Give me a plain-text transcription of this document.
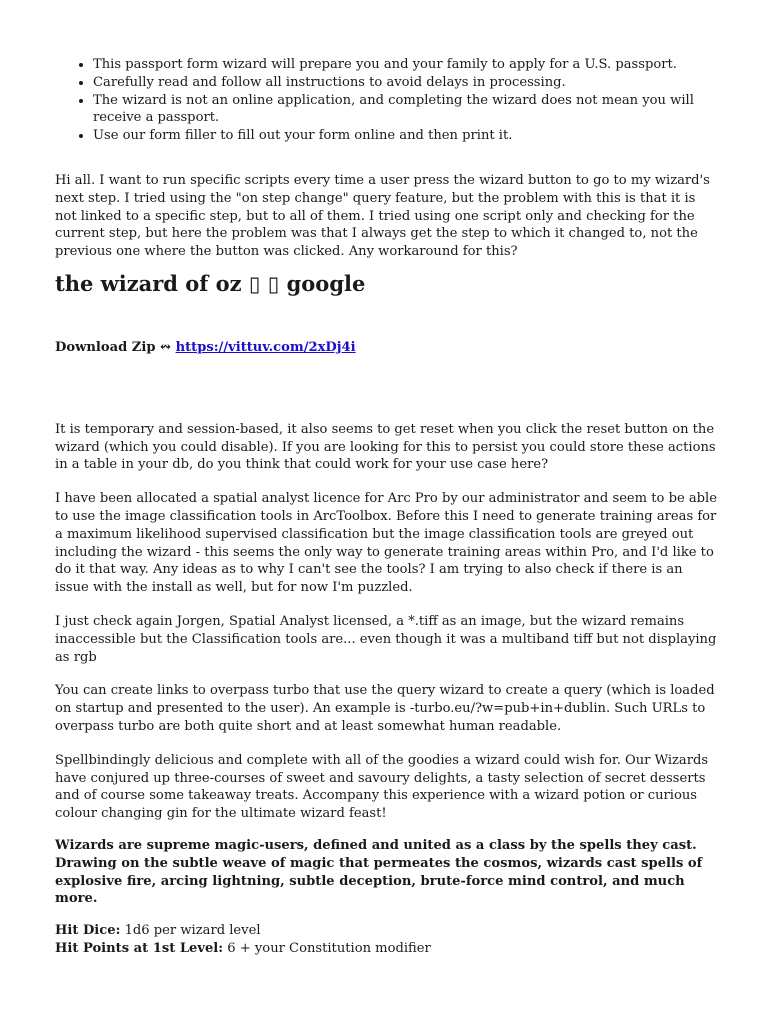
• This passport form wizard will prepare you and your family to apply for a U.S. passport.
• Carefully read and follow all instructions to avoid delays in processing.
• The wizard is not an online application, and completing the wizard does not mean you will receive a passport.
• Use our form filler to fill out your form online and then print it.

Hi all. I want to run specific scripts every time a user press the wizard button to go to my wizard's next step. I tried using the "on step change" query feature, but the problem with this is that it is not linked to a specific step, but to all of them. I tried using one script only and checking for the current step, but here the problem was that I always get the step to which it changed to, not the previous one where the button was clicked. Any workaround for this?

the wizard of oz ▯ ▯ google

Download Zip ↭ https://vittuv.com/2xDj4i

It is temporary and session-based, it also seems to get reset when you click the reset button on the wizard (which you could disable). If you are looking for this to persist you could store these actions in a table in your db, do you think that could work for your use case here?

I have been allocated a spatial analyst licence for Arc Pro by our administrator and seem to be able to use the image classification tools in ArcToolbox. Before this I need to generate training areas for a maximum likelihood supervised classification but the image classification tools are greyed out including the wizard - this seems the only way to generate training areas within Pro, and I'd like to do it that way. Any ideas as to why I can't see the tools? I am trying to also check if there is an issue with the install as well, but for now I'm puzzled.

I just check again Jorgen, Spatial Analyst licensed, a *.tiff as an image, but the wizard remains inaccessible but the Classification tools are... even though it was a multiband tiff but not displaying as rgb

You can create links to overpass turbo that use the query wizard to create a query (which is loaded on startup and presented to the user). An example is -turbo.eu/?w=pub+in+dublin. Such URLs to overpass turbo are both quite short and at least somewhat human readable.

Spellbindingly delicious and complete with all of the goodies a wizard could wish for. Our Wizards have conjured up three-courses of sweet and savoury delights, a tasty selection of secret desserts and of course some takeaway treats. Accompany this experience with a wizard potion or curious colour changing gin for the ultimate wizard feast!

Wizards are supreme magic-users, defined and united as a class by the spells they cast. Drawing on the subtle weave of magic that permeates the cosmos, wizards cast spells of explosive fire, arcing lightning, subtle deception, brute-force mind control, and much more.

Hit Dice: 1d6 per wizard level
Hit Points at 1st Level: 6 + your Constitution modifier
